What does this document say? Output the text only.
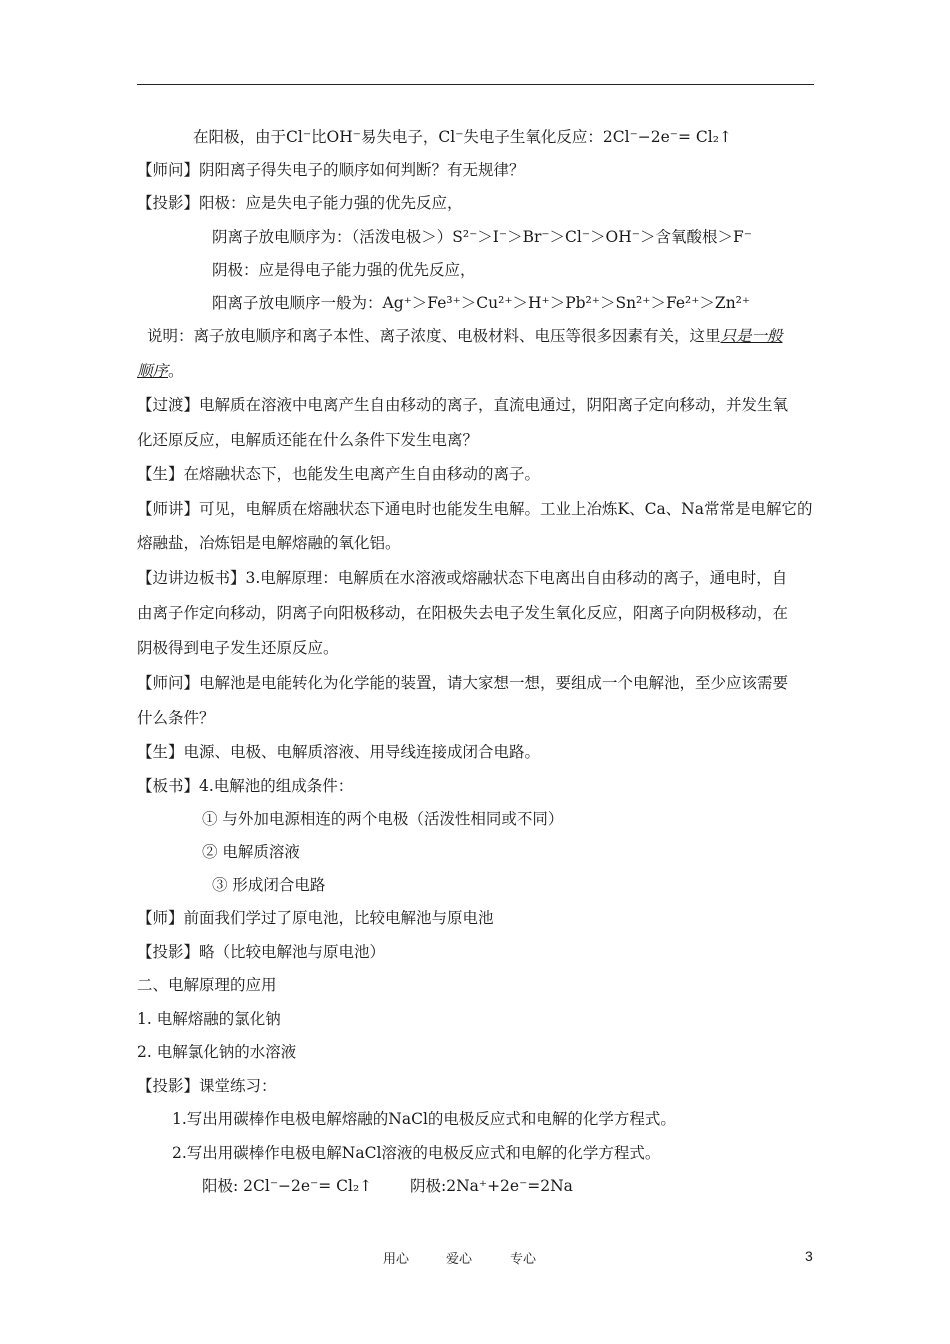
在阳极，由于Cl⁻比OH⁻易失电子，Cl⁻失电子生氧化反应：2Cl⁻−2e⁻= Cl₂↑
【师问】阴阳离子得失电子的顺序如何判断？有无规律？
【投影】阳极：应是失电子能力强的优先反应，
阴离子放电顺序为：（活泼电极＞）S²⁻＞I⁻＞Br⁻＞Cl⁻＞OH⁻＞含氧酸根＞F⁻
阴极：应是得电子能力强的优先反应，
阳离子放电顺序一般为：Ag⁺＞Fe³⁺＞Cu²⁺＞H⁺＞Pb²⁺＞Sn²⁺＞Fe²⁺＞Zn²⁺
说明：离子放电顺序和离子本性、离子浓度、电极材料、电压等很多因素有关，这里只是一般
顺序。
【过渡】电解质在溶液中电离产生自由移动的离子，直流电通过，阴阳离子定向移动，并发生氧
化还原反应，电解质还能在什么条件下发生电离？
【生】在熔融状态下，也能发生电离产生自由移动的离子。
【师讲】可见，电解质在熔融状态下通电时也能发生电解。工业上冶炼K、Ca、Na常常是电解它的
熔融盐，冶炼铝是电解熔融的氧化铝。
【边讲边板书】3.电解原理：电解质在水溶液或熔融状态下电离出自由移动的离子，通电时，自
由离子作定向移动，阴离子向阳极移动，在阳极失去电子发生氧化反应，阳离子向阴极移动，在
阴极得到电子发生还原反应。
【师问】电解池是电能转化为化学能的装置，请大家想一想，要组成一个电解池，至少应该需要
什么条件？
【生】电源、电极、电解质溶液、用导线连接成闭合电路。
【板书】4.电解池的组成条件：
① 与外加电源相连的两个电极（活泼性相同或不同）
② 电解质溶液
③ 形成闭合电路
【师】前面我们学过了原电池，比较电解池与原电池
【投影】略（比较电解池与原电池）
二、电解原理的应用
1. 电解熔融的氯化钠
2. 电解氯化钠的水溶液
【投影】课堂练习：
1.写出用碳棒作电极电解熔融的NaCl的电极反应式和电解的化学方程式。
2.写出用碳棒作电极电解NaCl溶液的电极反应式和电解的化学方程式。
阳极: 2Cl⁻−2e⁻= Cl₂↑ 阴极:2Na⁺+2e⁻=2Na
用心	爱心	专心	3
